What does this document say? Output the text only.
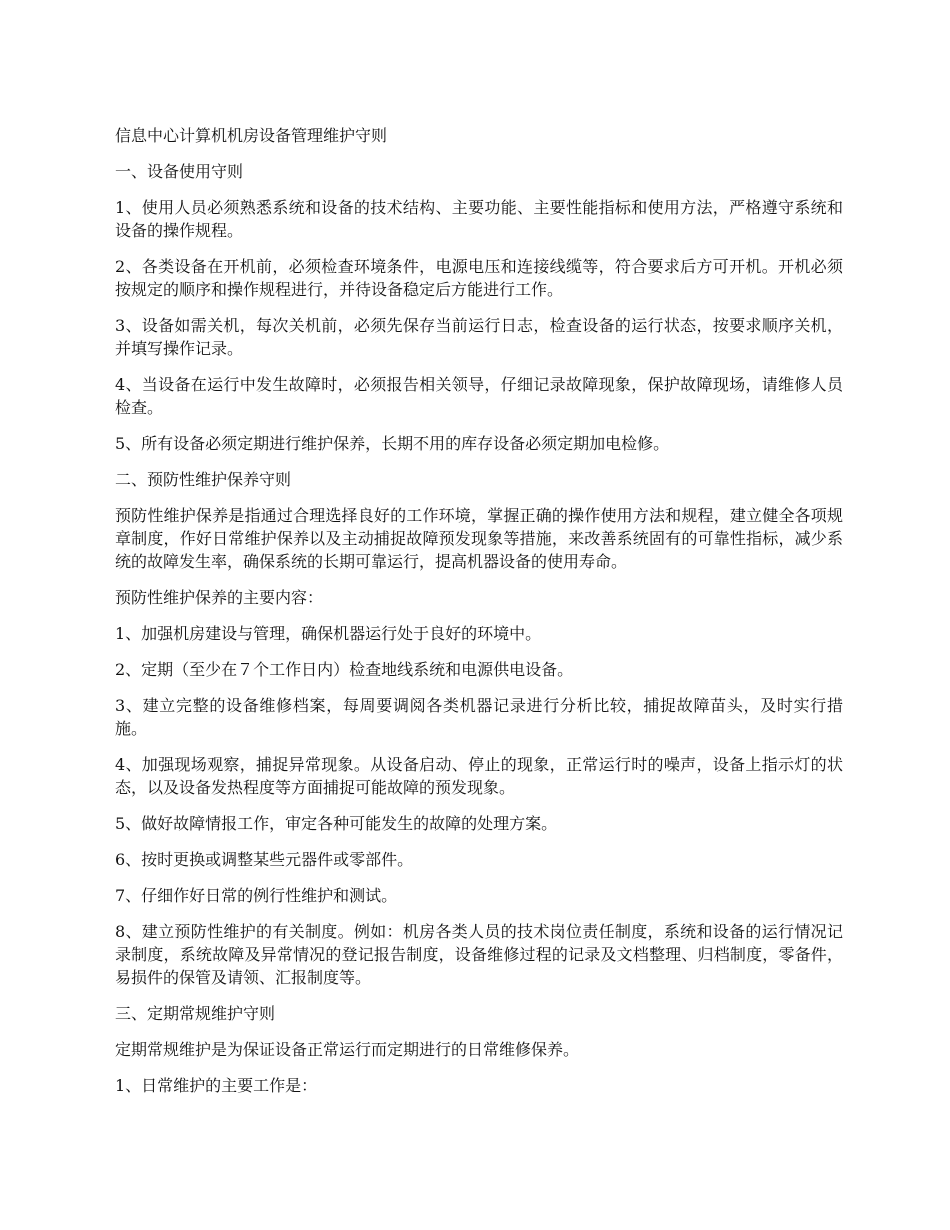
信息中心计算机机房设备管理维护守则

一、设备使用守则

1、使用人员必须熟悉系统和设备的技术结构、主要功能、主要性能指标和使用方法，严格遵守系统和设备的操作规程。

2、各类设备在开机前，必须检查环境条件，电源电压和连接线缆等，符合要求后方可开机。开机必须按规定的顺序和操作规程进行，并待设备稳定后方能进行工作。

3、设备如需关机，每次关机前，必须先保存当前运行日志，检查设备的运行状态，按要求顺序关机，并填写操作记录。

4、当设备在运行中发生故障时，必须报告相关领导，仔细记录故障现象，保护故障现场，请维修人员检查。

5、所有设备必须定期进行维护保养，长期不用的库存设备必须定期加电检修。

二、预防性维护保养守则

预防性维护保养是指通过合理选择良好的工作环境，掌握正确的操作使用方法和规程，建立健全各项规章制度，作好日常维护保养以及主动捕捉故障预发现象等措施，来改善系统固有的可靠性指标，减少系统的故障发生率，确保系统的长期可靠运行，提高机器设备的使用寿命。

预防性维护保养的主要内容：

1、加强机房建设与管理，确保机器运行处于良好的环境中。

2、定期（至少在７个工作日内）检查地线系统和电源供电设备。

3、建立完整的设备维修档案，每周要调阅各类机器记录进行分析比较，捕捉故障苗头，及时实行措施。

4、加强现场观察，捕捉异常现象。从设备启动、停止的现象，正常运行时的噪声，设备上指示灯的状态，以及设备发热程度等方面捕捉可能故障的预发现象。

5、做好故障情报工作，审定各种可能发生的故障的处理方案。

6、按时更换或调整某些元器件或零部件。

7、仔细作好日常的例行性维护和测试。

8、建立预防性维护的有关制度。例如：机房各类人员的技术岗位责任制度，系统和设备的运行情况记录制度，系统故障及异常情况的登记报告制度，设备维修过程的记录及文档整理、归档制度，零备件，易损件的保管及请领、汇报制度等。

三、定期常规维护守则

定期常规维护是为保证设备正常运行而定期进行的日常维修保养。

1、日常维护的主要工作是：
